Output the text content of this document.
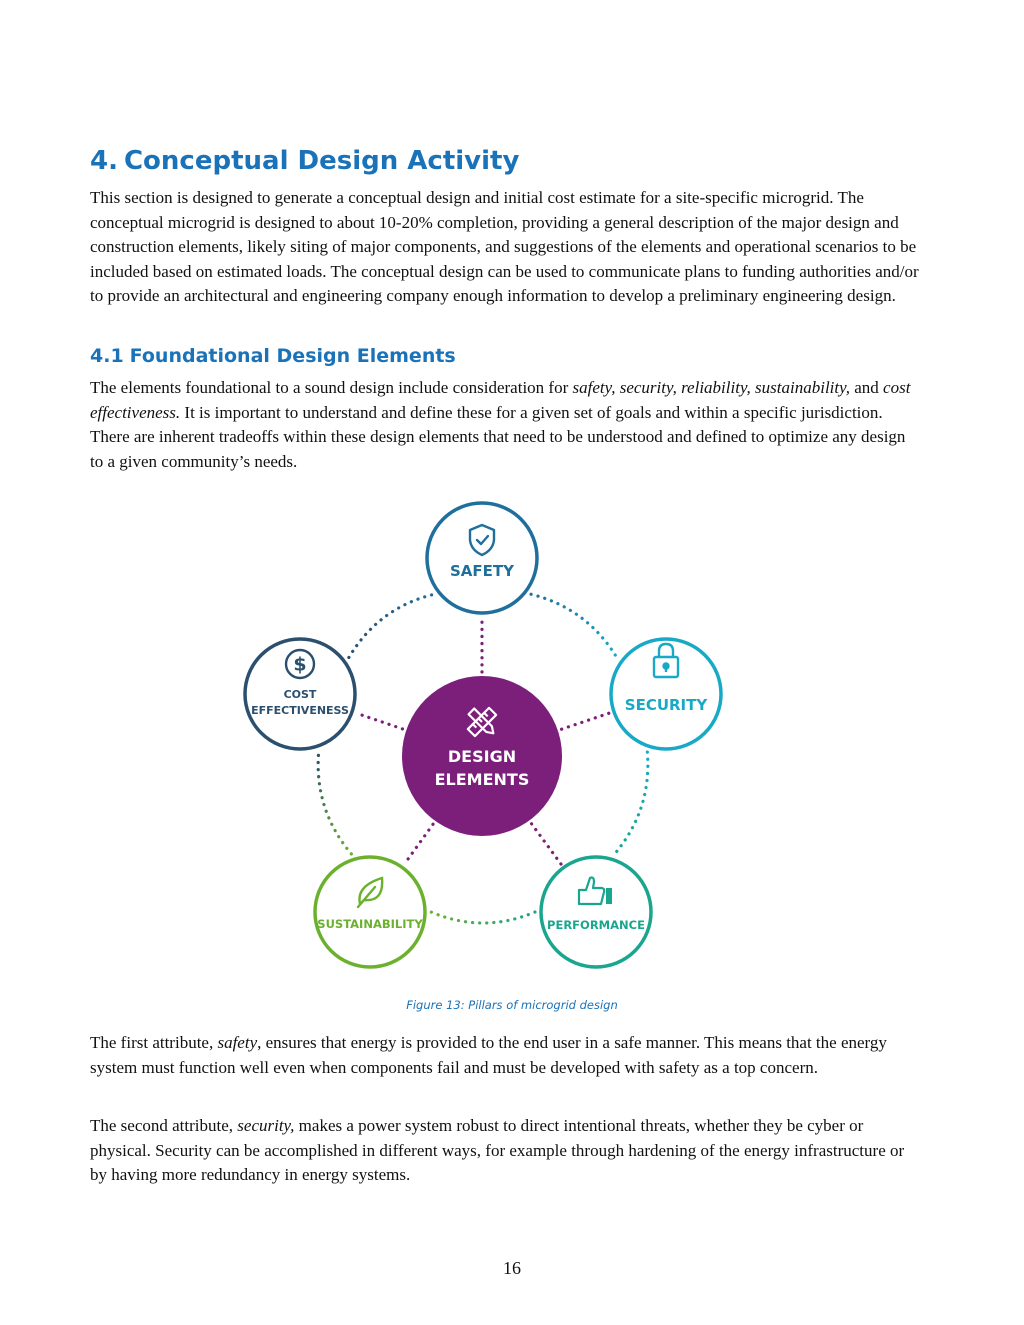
4. Conceptual Design Activity

This section is designed to generate a conceptual design and initial cost estimate for a site-specific microgrid. The conceptual microgrid is designed to about 10-20% completion, providing a general description of the major design and construction elements, likely siting of major components, and suggestions of the elements and operational scenarios to be included based on estimated loads. The conceptual design can be used to communicate plans to funding authorities and/or to provide an architectural and engineering company enough information to develop a preliminary engineering design.

4.1 Foundational Design Elements

The elements foundational to a sound design include consideration for safety, security, reliability, sustainability, and cost effectiveness. It is important to understand and define these for a given set of goals and within a specific jurisdiction. There are inherent tradeoffs within these design elements that need to be understood and defined to optimize any design to a given community’s needs.

DESIGN
ELEMENTS
SAFETY
SECURITY
PERFORMANCE
SUSTAINABILITY
$
COST
EFFECTIVENESS
Figure 13: Pillars of microgrid design

The first attribute, safety, ensures that energy is provided to the end user in a safe manner. This means that the energy system must function well even when components fail and must be developed with safety as a top concern.

The second attribute, security, makes a power system robust to direct intentional threats, whether they be cyber or physical. Security can be accomplished in different ways, for example through hardening of the energy infrastructure or by having more redundancy in energy systems.

16
